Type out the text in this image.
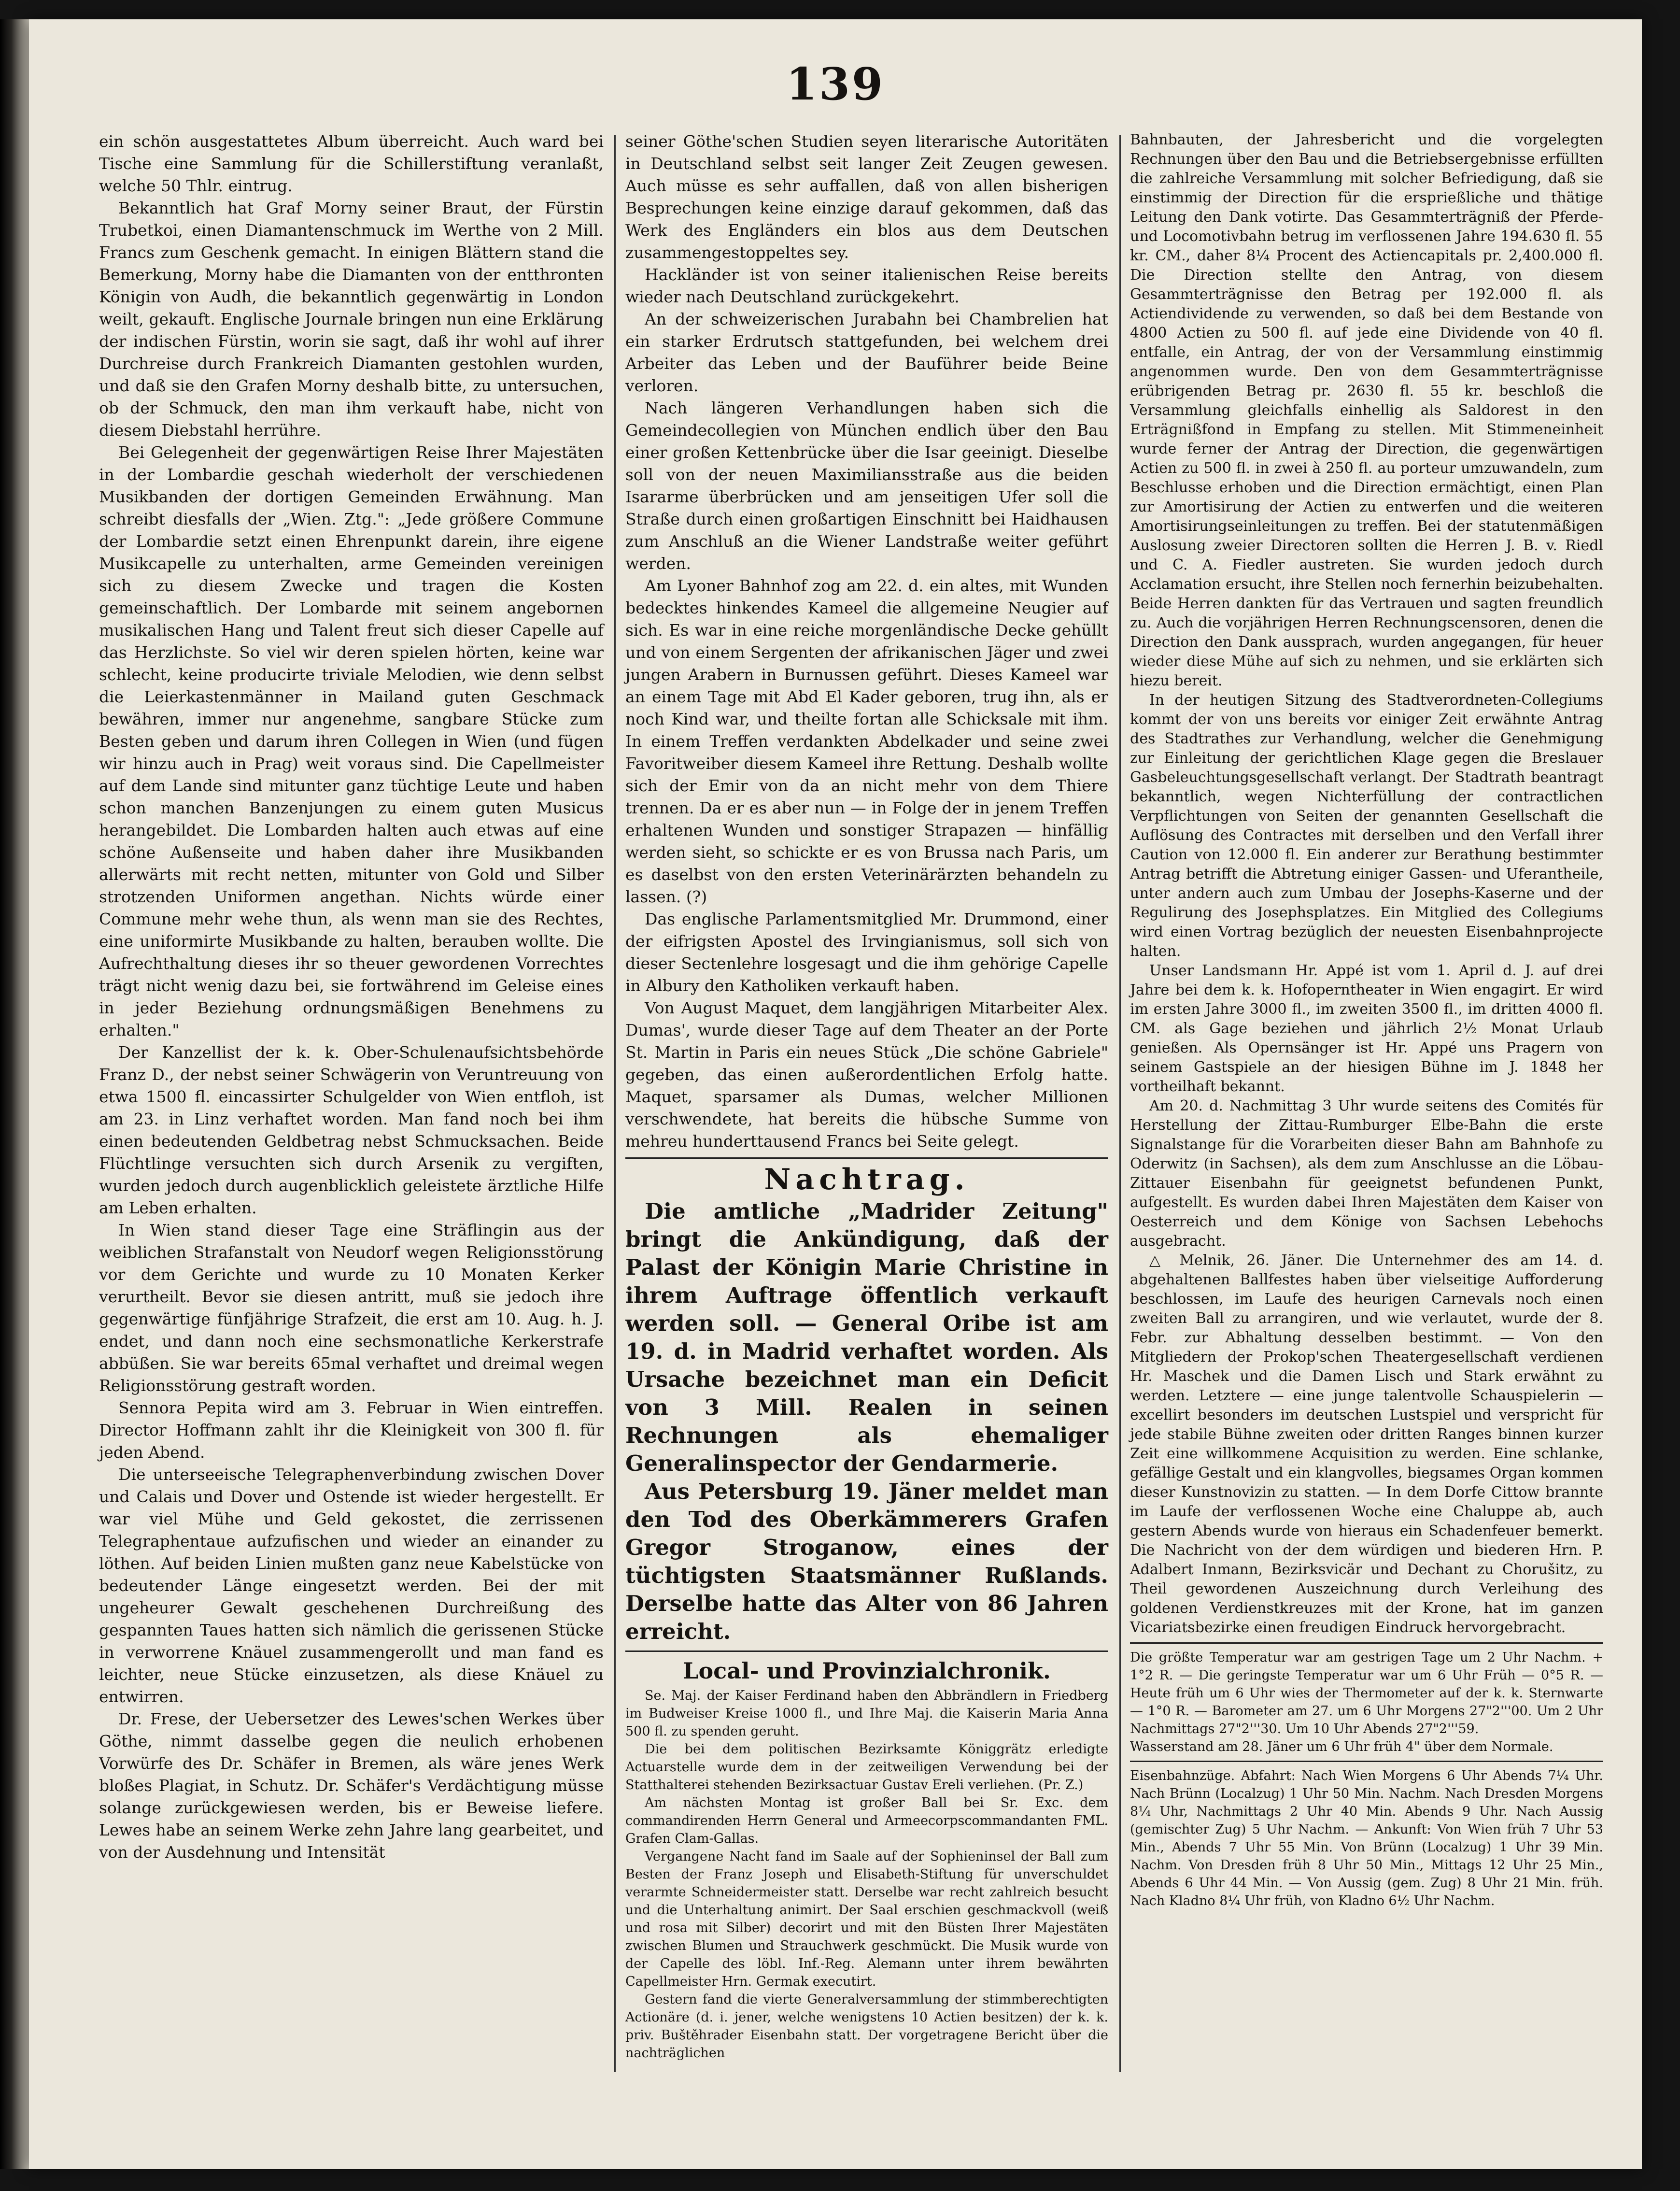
139

ein schön ausgestattetes Album überreicht. Auch ward bei Tische eine Sammlung für die Schillerstiftung veranlaßt, welche 50 Thlr. eintrug.

Bekanntlich hat Graf Morny seiner Braut, der Fürstin Trubetkoi, einen Diamantenschmuck im Werthe von 2 Mill. Francs zum Geschenk gemacht. In einigen Blättern stand die Bemerkung, Morny habe die Diamanten von der entthronten Königin von Audh, die bekanntlich gegenwärtig in London weilt, gekauft. Englische Journale bringen nun eine Erklärung der indischen Fürstin, worin sie sagt, daß ihr wohl auf ihrer Durchreise durch Frankreich Diamanten gestohlen wurden, und daß sie den Grafen Morny deshalb bitte, zu untersuchen, ob der Schmuck, den man ihm verkauft habe, nicht von diesem Diebstahl herrühre.

Bei Gelegenheit der gegenwärtigen Reise Ihrer Majestäten in der Lombardie geschah wiederholt der verschiedenen Musikbanden der dortigen Gemeinden Erwähnung. Man schreibt diesfalls der „Wien. Ztg.": „Jede größere Commune der Lombardie setzt einen Ehrenpunkt darein, ihre eigene Musikcapelle zu unterhalten, arme Gemeinden vereinigen sich zu diesem Zwecke und tragen die Kosten gemeinschaftlich. Der Lombarde mit seinem angebornen musikalischen Hang und Talent freut sich dieser Capelle auf das Herzlichste. So viel wir deren spielen hörten, keine war schlecht, keine producirte triviale Melodien, wie denn selbst die Leierkastenmänner in Mailand guten Geschmack bewähren, immer nur angenehme, sangbare Stücke zum Besten geben und darum ihren Collegen in Wien (und fügen wir hinzu auch in Prag) weit voraus sind. Die Capellmeister auf dem Lande sind mitunter ganz tüchtige Leute und haben schon manchen Banzenjungen zu einem guten Musicus herangebildet. Die Lombarden halten auch etwas auf eine schöne Außenseite und haben daher ihre Musikbanden allerwärts mit recht netten, mitunter von Gold und Silber strotzenden Uniformen angethan. Nichts würde einer Commune mehr wehe thun, als wenn man sie des Rechtes, eine uniformirte Musikbande zu halten, berauben wollte. Die Aufrechthaltung dieses ihr so theuer gewordenen Vorrechtes trägt nicht wenig dazu bei, sie fortwährend im Geleise eines in jeder Beziehung ordnungsmäßigen Benehmens zu erhalten."

Der Kanzellist der k. k. Ober-Schulenaufsichtsbehörde Franz D., der nebst seiner Schwägerin von Veruntreuung von etwa 1500 fl. eincassirter Schulgelder von Wien entfloh, ist am 23. in Linz verhaftet worden. Man fand noch bei ihm einen bedeutenden Geldbetrag nebst Schmucksachen. Beide Flüchtlinge versuchten sich durch Arsenik zu vergiften, wurden jedoch durch augenblicklich geleistete ärztliche Hilfe am Leben erhalten.

In Wien stand dieser Tage eine Sträflingin aus der weiblichen Strafanstalt von Neudorf wegen Religionsstörung vor dem Gerichte und wurde zu 10 Monaten Kerker verurtheilt. Bevor sie diesen antritt, muß sie jedoch ihre gegenwärtige fünfjährige Strafzeit, die erst am 10. Aug. h. J. endet, und dann noch eine sechsmonatliche Kerkerstrafe abbüßen. Sie war bereits 65mal verhaftet und dreimal wegen Religionsstörung gestraft worden.

Sennora Pepita wird am 3. Februar in Wien eintreffen. Director Hoffmann zahlt ihr die Kleinigkeit von 300 fl. für jeden Abend.

Die unterseeische Telegraphenverbindung zwischen Dover und Calais und Dover und Ostende ist wieder hergestellt. Er war viel Mühe und Geld gekostet, die zerrissenen Telegraphentaue aufzufischen und wieder an einander zu löthen. Auf beiden Linien mußten ganz neue Kabelstücke von bedeutender Länge eingesetzt werden. Bei der mit ungeheurer Gewalt geschehenen Durchreißung des gespannten Taues hatten sich nämlich die gerissenen Stücke in verworrene Knäuel zusammengerollt und man fand es leichter, neue Stücke einzusetzen, als diese Knäuel zu entwirren.

Dr. Frese, der Uebersetzer des Lewes'schen Werkes über Göthe, nimmt dasselbe gegen die neulich erhobenen Vorwürfe des Dr. Schäfer in Bremen, als wäre jenes Werk bloßes Plagiat, in Schutz. Dr. Schäfer's Verdächtigung müsse solange zurückgewiesen werden, bis er Beweise liefere. Lewes habe an seinem Werke zehn Jahre lang gearbeitet, und von der Ausdehnung und Intensität

seiner Göthe'schen Studien seyen literarische Autoritäten in Deutschland selbst seit langer Zeit Zeugen gewesen. Auch müsse es sehr auffallen, daß von allen bisherigen Besprechungen keine einzige darauf gekommen, daß das Werk des Engländers ein blos aus dem Deutschen zusammengestoppeltes sey.

Hackländer ist von seiner italienischen Reise bereits wieder nach Deutschland zurückgekehrt.

An der schweizerischen Jurabahn bei Chambrelien hat ein starker Erdrutsch stattgefunden, bei welchem drei Arbeiter das Leben und der Bauführer beide Beine verloren.

Nach längeren Verhandlungen haben sich die Gemeindecollegien von München endlich über den Bau einer großen Kettenbrücke über die Isar geeinigt. Dieselbe soll von der neuen Maximiliansstraße aus die beiden Isararme überbrücken und am jenseitigen Ufer soll die Straße durch einen großartigen Einschnitt bei Haidhausen zum Anschluß an die Wiener Landstraße weiter geführt werden.

Am Lyoner Bahnhof zog am 22. d. ein altes, mit Wunden bedecktes hinkendes Kameel die allgemeine Neugier auf sich. Es war in eine reiche morgenländische Decke gehüllt und von einem Sergenten der afrikanischen Jäger und zwei jungen Arabern in Burnussen geführt. Dieses Kameel war an einem Tage mit Abd El Kader geboren, trug ihn, als er noch Kind war, und theilte fortan alle Schicksale mit ihm. In einem Treffen verdankten Abdelkader und seine zwei Favoritweiber diesem Kameel ihre Rettung. Deshalb wollte sich der Emir von da an nicht mehr von dem Thiere trennen. Da er es aber nun — in Folge der in jenem Treffen erhaltenen Wunden und sonstiger Strapazen — hinfällig werden sieht, so schickte er es von Brussa nach Paris, um es daselbst von den ersten Veterinärärzten behandeln zu lassen. (?)

Das englische Parlamentsmitglied Mr. Drummond, einer der eifrigsten Apostel des Irvingianismus, soll sich von dieser Sectenlehre losgesagt und die ihm gehörige Capelle in Albury den Katholiken verkauft haben.

Von August Maquet, dem langjährigen Mitarbeiter Alex. Dumas', wurde dieser Tage auf dem Theater an der Porte St. Martin in Paris ein neues Stück „Die schöne Gabriele" gegeben, das einen außerordentlichen Erfolg hatte. Maquet, sparsamer als Dumas, welcher Millionen verschwendete, hat bereits die hübsche Summe von mehreu hunderttausend Francs bei Seite gelegt.

Nachtrag.

Die amtliche „Madrider Zeitung" bringt die Ankündigung, daß der Palast der Königin Marie Christine in ihrem Auftrage öffentlich verkauft werden soll. — General Oribe ist am 19. d. in Madrid verhaftet worden. Als Ursache bezeichnet man ein Deficit von 3 Mill. Realen in seinen Rechnungen als ehemaliger Generalinspector der Gendarmerie.

Aus Petersburg 19. Jäner meldet man den Tod des Oberkämmerers Grafen Gregor Stroganow, eines der tüchtigsten Staatsmänner Rußlands. Derselbe hatte das Alter von 86 Jahren erreicht.

Local- und Provinzialchronik.

Se. Maj. der Kaiser Ferdinand haben den Abbrändlern in Friedberg im Budweiser Kreise 1000 fl., und Ihre Maj. die Kaiserin Maria Anna 500 fl. zu spenden geruht.

Die bei dem politischen Bezirksamte Königgrätz erledigte Actuarstelle wurde dem in der zeitweiligen Verwendung bei der Statthalterei stehenden Bezirksactuar Gustav Ereli verliehen. (Pr. Z.)

Am nächsten Montag ist großer Ball bei Sr. Exc. dem commandirenden Herrn General und Armeecorpscommandanten FML. Grafen Clam-Gallas.

Vergangene Nacht fand im Saale auf der Sophieninsel der Ball zum Besten der Franz Joseph und Elisabeth-Stiftung für unverschuldet verarmte Schneidermeister statt. Derselbe war recht zahlreich besucht und die Unterhaltung animirt. Der Saal erschien geschmackvoll (weiß und rosa mit Silber) decorirt und mit den Büsten Ihrer Majestäten zwischen Blumen und Strauchwerk geschmückt. Die Musik wurde von der Capelle des löbl. Inf.-Reg. Alemann unter ihrem bewährten Capellmeister Hrn. Germak executirt.

Gestern fand die vierte Generalversammlung der stimmberechtigten Actionäre (d. i. jener, welche wenigstens 10 Actien besitzen) der k. k. priv. Buštěhrader Eisenbahn statt. Der vorgetragene Bericht über die nachträglichen

Bahnbauten, der Jahresbericht und die vorgelegten Rechnungen über den Bau und die Betriebsergebnisse erfüllten die zahlreiche Versammlung mit solcher Befriedigung, daß sie einstimmig der Direction für die ersprießliche und thätige Leitung den Dank votirte. Das Gesammterträgniß der Pferde- und Locomotivbahn betrug im verflossenen Jahre 194.630 fl. 55 kr. CM., daher 8¼ Procent des Actiencapitals pr. 2,400.000 fl. Die Direction stellte den Antrag, von diesem Gesammterträgnisse den Betrag per 192.000 fl. als Actiendividende zu verwenden, so daß bei dem Bestande von 4800 Actien zu 500 fl. auf jede eine Dividende von 40 fl. entfalle, ein Antrag, der von der Versammlung einstimmig angenommen wurde. Den von dem Gesammterträgnisse erübrigenden Betrag pr. 2630 fl. 55 kr. beschloß die Versammlung gleichfalls einhellig als Saldorest in den Erträgnißfond in Empfang zu stellen. Mit Stimmeneinheit wurde ferner der Antrag der Direction, die gegenwärtigen Actien zu 500 fl. in zwei à 250 fl. au porteur umzuwandeln, zum Beschlusse erhoben und die Direction ermächtigt, einen Plan zur Amortisirung der Actien zu entwerfen und die weiteren Amortisirungseinleitungen zu treffen. Bei der statutenmäßigen Auslosung zweier Directoren sollten die Herren J. B. v. Riedl und C. A. Fiedler austreten. Sie wurden jedoch durch Acclamation ersucht, ihre Stellen noch fernerhin beizubehalten. Beide Herren dankten für das Vertrauen und sagten freundlich zu. Auch die vorjährigen Herren Rechnungscensoren, denen die Direction den Dank aussprach, wurden angegangen, für heuer wieder diese Mühe auf sich zu nehmen, und sie erklärten sich hiezu bereit.

In der heutigen Sitzung des Stadtverordneten-Collegiums kommt der von uns bereits vor einiger Zeit erwähnte Antrag des Stadtrathes zur Verhandlung, welcher die Genehmigung zur Einleitung der gerichtlichen Klage gegen die Breslauer Gasbeleuchtungsgesellschaft verlangt. Der Stadtrath beantragt bekanntlich, wegen Nichterfüllung der contractlichen Verpflichtungen von Seiten der genannten Gesellschaft die Auflösung des Contractes mit derselben und den Verfall ihrer Caution von 12.000 fl. Ein anderer zur Berathung bestimmter Antrag betrifft die Abtretung einiger Gassen- und Uferantheile, unter andern auch zum Umbau der Josephs-Kaserne und der Regulirung des Josephsplatzes. Ein Mitglied des Collegiums wird einen Vortrag bezüglich der neuesten Eisenbahnprojecte halten.

Unser Landsmann Hr. Appé ist vom 1. April d. J. auf drei Jahre bei dem k. k. Hofoperntheater in Wien engagirt. Er wird im ersten Jahre 3000 fl., im zweiten 3500 fl., im dritten 4000 fl. CM. als Gage beziehen und jährlich 2½ Monat Urlaub genießen. Als Opernsänger ist Hr. Appé uns Pragern von seinem Gastspiele an der hiesigen Bühne im J. 1848 her vortheilhaft bekannt.

Am 20. d. Nachmittag 3 Uhr wurde seitens des Comités für Herstellung der Zittau-Rumburger Elbe-Bahn die erste Signalstange für die Vorarbeiten dieser Bahn am Bahnhofe zu Oderwitz (in Sachsen), als dem zum Anschlusse an die Löbau-Zittauer Eisenbahn für geeignetst befundenen Punkt, aufgestellt. Es wurden dabei Ihren Majestäten dem Kaiser von Oesterreich und dem Könige von Sachsen Lebehochs ausgebracht.

△ Melnik, 26. Jäner. Die Unternehmer des am 14. d. abgehaltenen Ballfestes haben über vielseitige Aufforderung beschlossen, im Laufe des heurigen Carnevals noch einen zweiten Ball zu arrangiren, und wie verlautet, wurde der 8. Febr. zur Abhaltung desselben bestimmt. — Von den Mitgliedern der Prokop'schen Theatergesellschaft verdienen Hr. Maschek und die Damen Lisch und Stark erwähnt zu werden. Letztere — eine junge talentvolle Schauspielerin — excellirt besonders im deutschen Lustspiel und verspricht für jede stabile Bühne zweiten oder dritten Ranges binnen kurzer Zeit eine willkommene Acquisition zu werden. Eine schlanke, gefällige Gestalt und ein klangvolles, biegsames Organ kommen dieser Kunstnovizin zu statten. — In dem Dorfe Cittow brannte im Laufe der verflossenen Woche eine Chaluppe ab, auch gestern Abends wurde von hieraus ein Schadenfeuer bemerkt. Die Nachricht von der dem würdigen und biederen Hrn. P. Adalbert Inmann, Bezirksvicär und Dechant zu Chorušitz, zu Theil gewordenen Auszeichnung durch Verleihung des goldenen Verdienstkreuzes mit der Krone, hat im ganzen Vicariatsbezirke einen freudigen Eindruck hervorgebracht.

Die größte Temperatur war am gestrigen Tage um 2 Uhr Nachm. + 1°2 R. — Die geringste Temperatur war um 6 Uhr Früh — 0°5 R. — Heute früh um 6 Uhr wies der Thermometer auf der k. k. Sternwarte — 1°0 R. — Barometer am 27. um 6 Uhr Morgens 27"2'''00. Um 2 Uhr Nachmittags 27"2'''30. Um 10 Uhr Abends 27"2'''59.

Wasserstand am 28. Jäner um 6 Uhr früh 4" über dem Normale.

Eisenbahnzüge. Abfahrt: Nach Wien Morgens 6 Uhr Abends 7¼ Uhr. Nach Brünn (Localzug) 1 Uhr 50 Min. Nachm. Nach Dresden Morgens 8¼ Uhr, Nachmittags 2 Uhr 40 Min. Abends 9 Uhr. Nach Aussig (gemischter Zug) 5 Uhr Nachm. — Ankunft: Von Wien früh 7 Uhr 53 Min., Abends 7 Uhr 55 Min. Von Brünn (Localzug) 1 Uhr 39 Min. Nachm. Von Dresden früh 8 Uhr 50 Min., Mittags 12 Uhr 25 Min., Abends 6 Uhr 44 Min. — Von Aussig (gem. Zug) 8 Uhr 21 Min. früh. Nach Kladno 8¼ Uhr früh, von Kladno 6½ Uhr Nachm.
